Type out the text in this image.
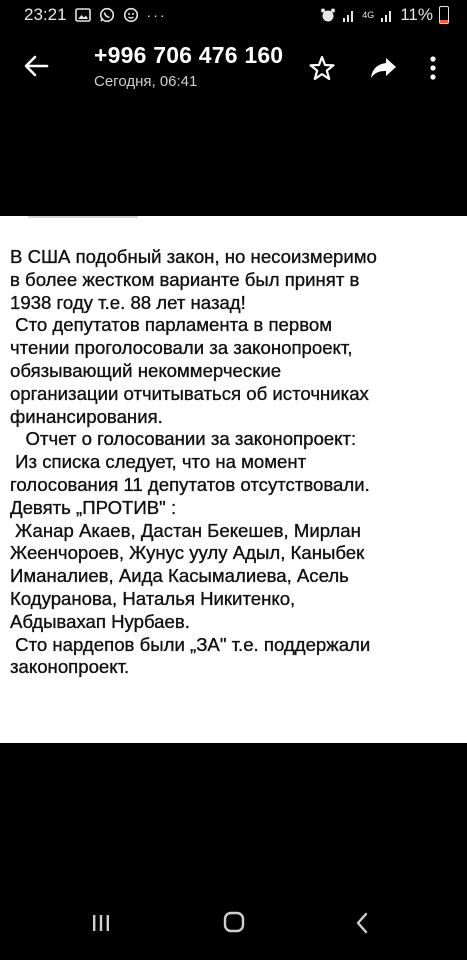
23:21	···	4G 11%
+996 706 476 160
Сегодня, 06:41
В США подобный закон, но несоизмеримо
в более жестком варианте был принят в
1938 году т.е. 88 лет назад!
Сто депутатов парламента в первом
чтении проголосовали за законопроект,
обязывающий некоммерческие
организации отчитываться об источниках
финансирования.
Отчет о голосовании за законопроект:
Из списка следует, что на момент
голосования 11 депутатов отсутствовали.
Девять „ПРОТИВ" :
Жанар Акаев, Дастан Бекешев, Мирлан
Жеенчороев, Жунус уулу Адыл, Каныбек
Иманалиев, Аида Касымалиева, Асель
Кодуранова, Наталья Никитенко,
Абдывахап Нурбаев.
Сто нардепов были „ЗА" т.е. поддержали
законопроект.
